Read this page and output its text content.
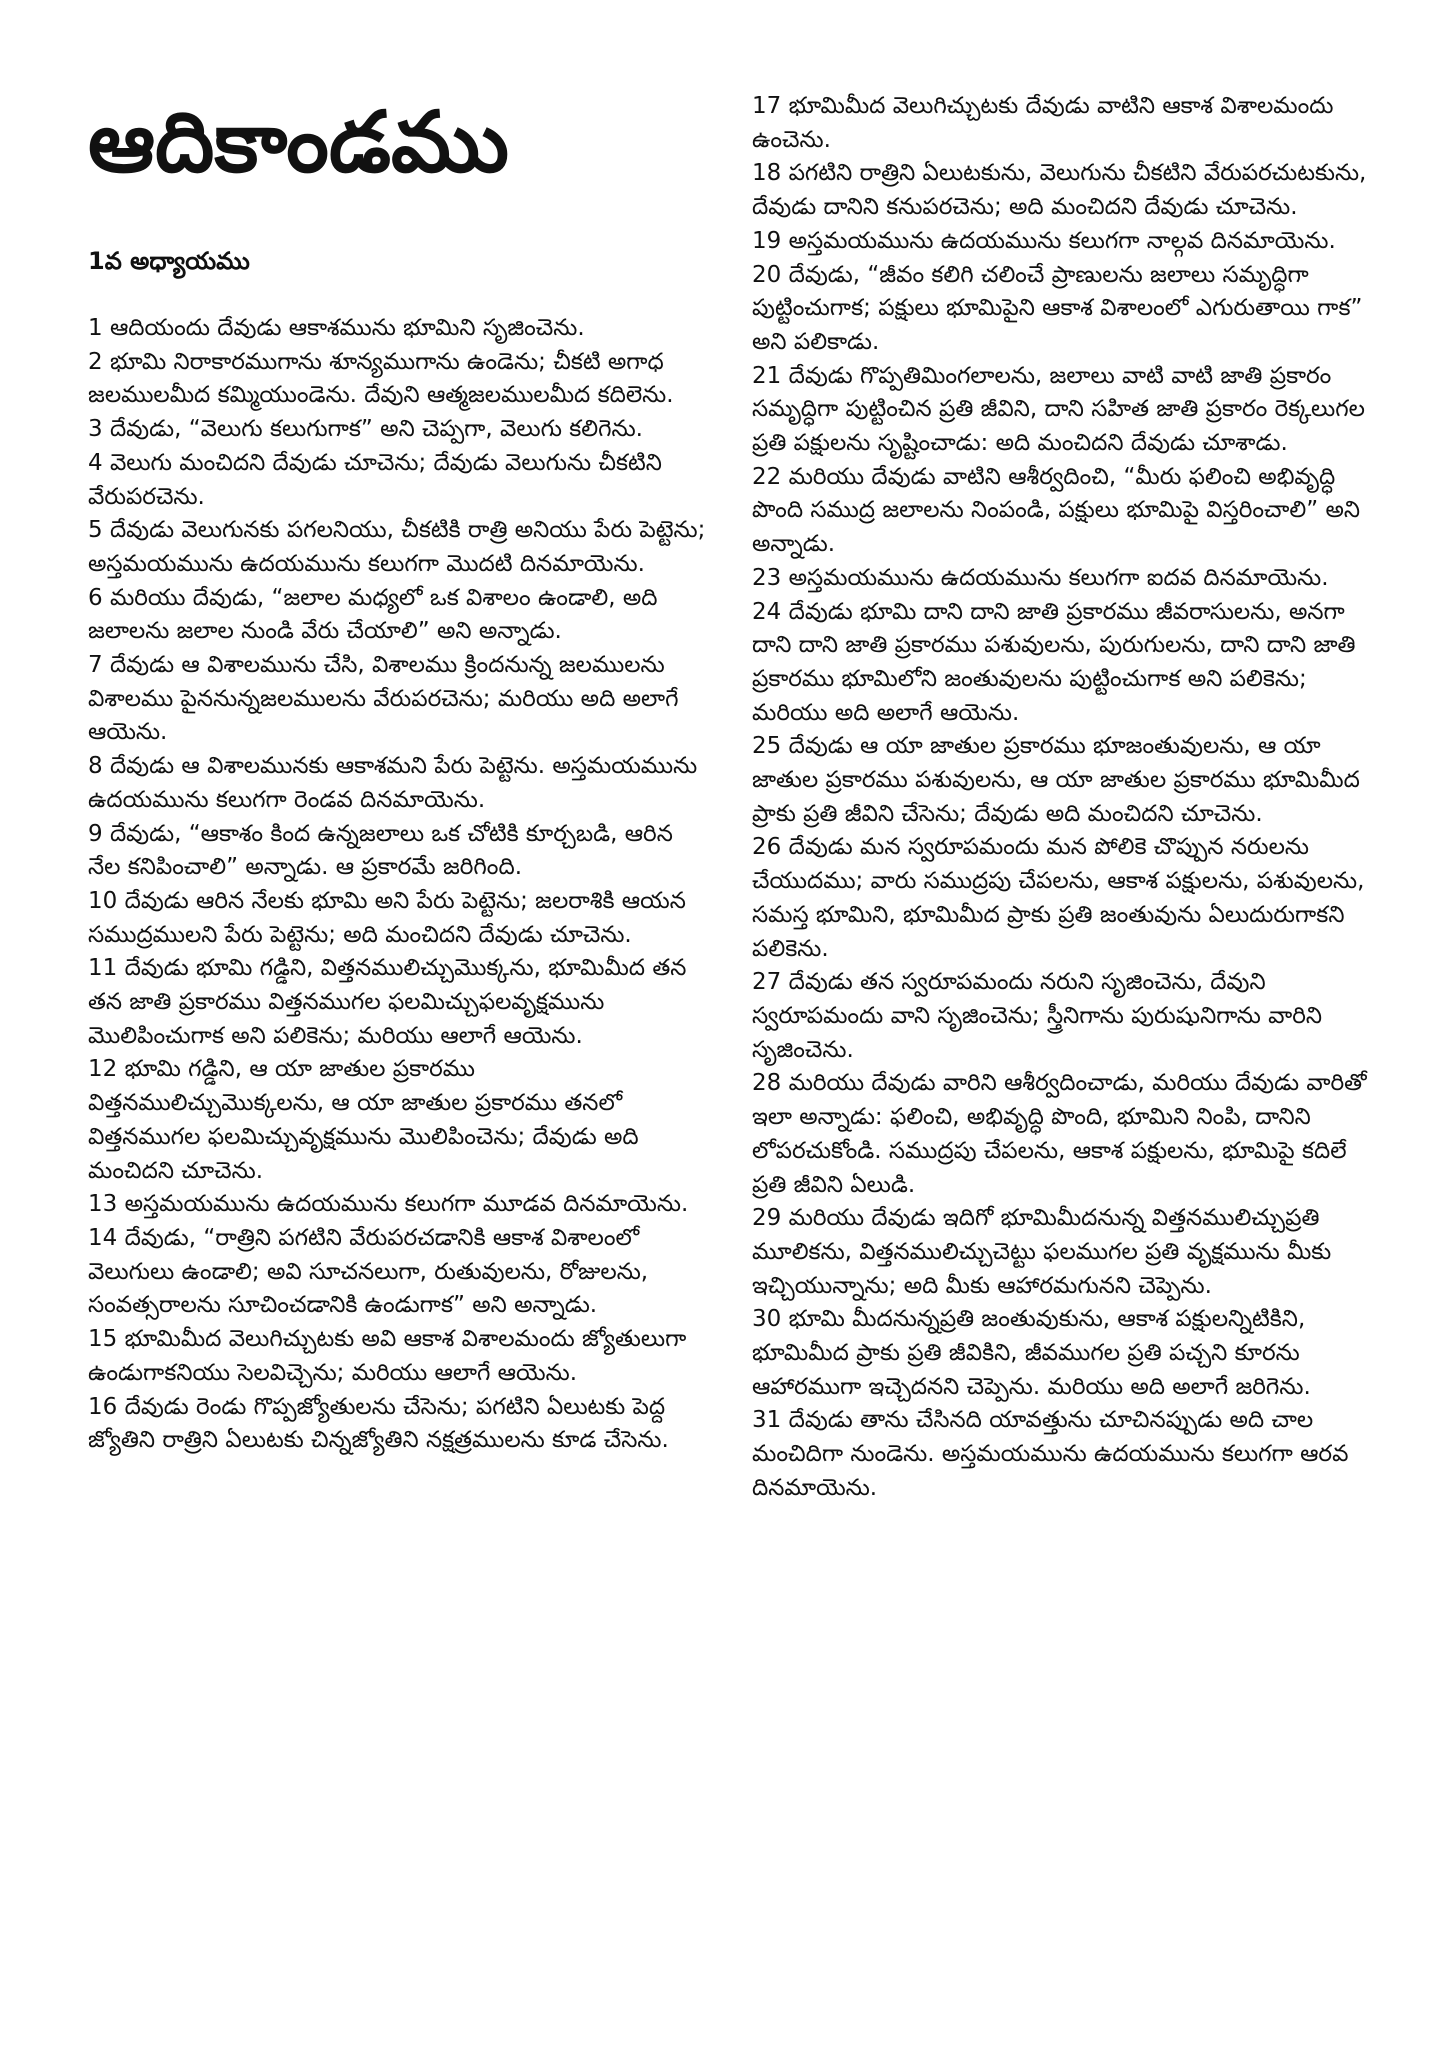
ఆదికాండము
1వ అధ్యాయము

1 ఆదియందు దేవుడు ఆకాశమును భూమిని సృజించెను.

2 భూమి నిరాకారముగాను శూన్యముగాను ఉండెను; చీకటి అగాధ జలములమీద కమ్మియుండెను. దేవుని ఆత్మజలములమీద కదిలెను.

3 దేవుడు, “వెలుగు కలుగుగాక” అని చెప్పగా, వెలుగు కలిగెను.

4 వెలుగు మంచిదని దేవుడు చూచెను; దేవుడు వెలుగును చీకటిని వేరుపరచెను.

5 దేవుడు వెలుగునకు పగలనియు, చీకటికి రాత్రి అనియు పేరు పెట్టెను; అస్తమయమును ఉదయమును కలుగగా మొదటి దినమాయెను.

6 మరియు దేవుడు, “జలాల మధ్యలో ఒక విశాలం ఉండాలి, అది జలాలను జలాల నుండి వేరు చేయాలి” అని అన్నాడు.

7 దేవుడు ఆ విశాలమును చేసి, విశాలము క్రిందనున్న జలములను విశాలము పైననున్నజలములను వేరుపరచెను; మరియు అది అలాగే ఆయెను.

8 దేవుడు ఆ విశాలమునకు ఆకాశమని పేరు పెట్టెను. అస్తమయమును ఉదయమును కలుగగా రెండవ దినమాయెను.

9 దేవుడు, “ఆకాశం కింద ఉన్నజలాలు ఒక చోటికి కూర్చబడి, ఆరిన నేల కనిపించాలి” అన్నాడు. ఆ ప్రకారమే జరిగింది.

10 దేవుడు ఆరిన నేలకు భూమి అని పేరు పెట్టెను; జలరాశికి ఆయన సముద్రములని పేరు పెట్టెను; అది మంచిదని దేవుడు చూచెను.

11 దేవుడు భూమి గడ్డిని, విత్తనములిచ్చుమొక్కను, భూమిమీద తన తన జాతి ప్రకారము విత్తనముగల ఫలమిచ్చుఫలవృక్షమును మొలిపించుగాక అని పలికెను; మరియు ఆలాగే ఆయెను.

12 భూమి గడ్డిని, ఆ యా జాతుల ప్రకారము విత్తనములిచ్చుమొక్కలను, ఆ యా జాతుల ప్రకారము తనలో విత్తనముగల ఫలమిచ్చువృక్షమును మొలిపించెను; దేవుడు అది మంచిదని చూచెను.

13 అస్తమయమును ఉదయమును కలుగగా మూడవ దినమాయెను.

14 దేవుడు, “రాత్రిని పగటిని వేరుపరచడానికి ఆకాశ విశాలంలో వెలుగులు ఉండాలి; అవి సూచనలుగా, రుతువులను, రోజులను, సంవత్సరాలను సూచించడానికి ఉండుగాక” అని అన్నాడు.

15 భూమిమీద వెలుగిచ్చుటకు అవి ఆకాశ విశాలమందు జ్యోతులుగా ఉండుగాకనియు సెలవిచ్చెను; మరియు ఆలాగే ఆయెను.

16 దేవుడు రెండు గొప్పజ్యోతులను చేసెను; పగటిని ఏలుటకు పెద్ద జ్యోతిని రాత్రిని ఏలుటకు చిన్నజ్యోతిని నక్షత్రములను కూడ చేసెను.

17 భూమిమీద వెలుగిచ్చుటకు దేవుడు వాటిని ఆకాశ విశాలమందు ఉంచెను.

18 పగటిని రాత్రిని ఏలుటకును, వెలుగును చీకటిని వేరుపరచుటకును, దేవుడు దానిని కనుపరచెను; అది మంచిదని దేవుడు చూచెను.

19 అస్తమయమును ఉదయమును కలుగగా నాల్గవ దినమాయెను.

20 దేవుడు, “జీవం కలిగి చలించే ప్రాణులను జలాలు సమృద్ధిగా పుట్టించుగాక; పక్షులు భూమిపైని ఆకాశ విశాలంలో ఎగురుతాయి గాక” అని పలికాడు.

21 దేవుడు గొప్పతిమింగలాలను, జలాలు వాటి వాటి జాతి ప్రకారం సమృద్ధిగా పుట్టించిన ప్రతి జీవిని, దాని సహిత జాతి ప్రకారం రెక్కలుగల ప్రతి పక్షులను సృష్టించాడు: అది మంచిదని దేవుడు చూశాడు.

22 మరియు దేవుడు వాటిని ఆశీర్వదించి, “మీరు ఫలించి అభివృద్ధి పొంది సముద్ర జలాలను నింపండి, పక్షులు భూమిపై విస్తరించాలి” అని అన్నాడు.

23 అస్తమయమును ఉదయమును కలుగగా ఐదవ దినమాయెను.

24 దేవుడు భూమి దాని దాని జాతి ప్రకారము జీవరాసులను, అనగా దాని దాని జాతి ప్రకారము పశువులను, పురుగులను, దాని దాని జాతి ప్రకారము భూమిలోని జంతువులను పుట్టించుగాక అని పలికెను; మరియు అది అలాగే ఆయెను.

25 దేవుడు ఆ యా జాతుల ప్రకారము భూజంతువులను, ఆ యా జాతుల ప్రకారము పశువులను, ఆ యా జాతుల ప్రకారము భూమిమీద ప్రాకు ప్రతి జీవిని చేసెను; దేవుడు అది మంచిదని చూచెను.

26 దేవుడు మన స్వరూపమందు మన పోలికె చొప్పున నరులను చేయుదము; వారు సముద్రపు చేపలను, ఆకాశ పక్షులను, పశువులను, సమస్త భూమిని, భూమిమీద ప్రాకు ప్రతి జంతువును ఏలుదురుగాకని పలికెను.

27 దేవుడు తన స్వరూపమందు నరుని సృజించెను, దేవుని స్వరూపమందు వాని సృజించెను; స్త్రీనిగాను పురుషునిగాను వారిని సృజించెను.

28 మరియు దేవుడు వారిని ఆశీర్వదించాడు, మరియు దేవుడు వారితో ఇలా అన్నాడు: ఫలించి, అభివృద్ధి పొంది, భూమిని నింపి, దానిని లోపరచుకోండి. సముద్రపు చేపలను, ఆకాశ పక్షులను, భూమిపై కదిలే ప్రతి జీవిని ఏలుడి.

29 మరియు దేవుడు ఇదిగో భూమిమీదనున్న విత్తనములిచ్చుప్రతి మూలికను, విత్తనములిచ్చుచెట్టు ఫలముగల ప్రతి వృక్షమును మీకు ఇచ్చియున్నాను; అది మీకు ఆహారమగునని చెప్పెను.

30 భూమి మీదనున్నప్రతి జంతువుకును, ఆకాశ పక్షులన్నిటికిని, భూమిమీద ప్రాకు ప్రతి జీవికిని, జీవముగల ప్రతి పచ్చని కూరను ఆహారముగా ఇచ్చెదనని చెప్పెను. మరియు అది అలాగే జరిగెను.

31 దేవుడు తాను చేసినది యావత్తును చూచినప్పుడు అది చాల మంచిదిగా నుండెను. అస్తమయమును ఉదయమును కలుగగా ఆరవ దినమాయెను.
